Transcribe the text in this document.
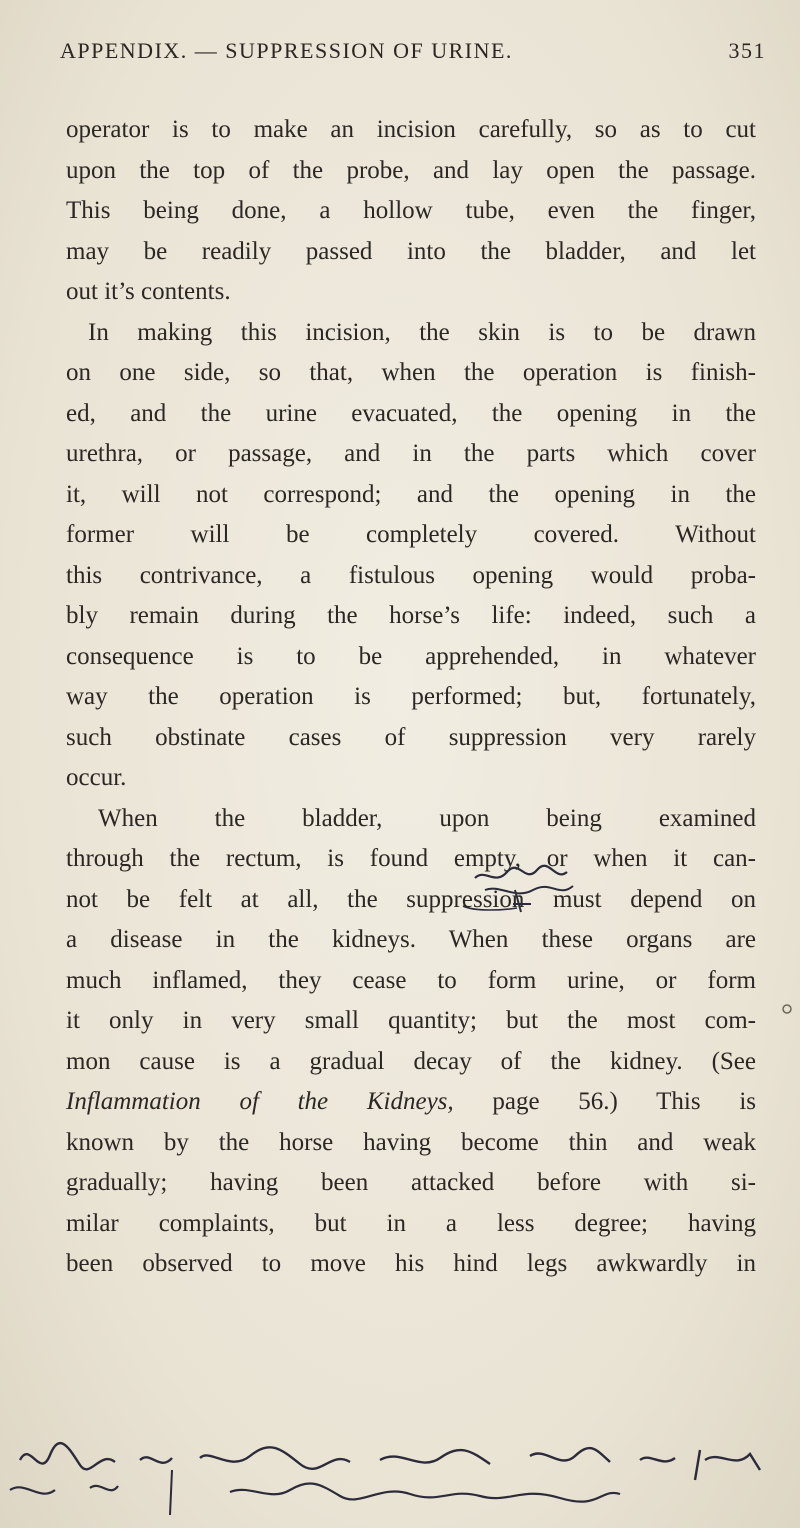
APPENDIX. — SUPPRESSION OF URINE.	351
operator is to make an incision carefully, so as to cut
upon the top of the probe, and lay open the passage.
This being done, a hollow tube, even the finger,
may be readily passed into the bladder, and let
out it’s contents.
In making this incision, the skin is to be drawn
on one side, so that, when the operation is finish-
ed, and the urine evacuated, the opening in the
urethra, or passage, and in the parts which cover
it, will not correspond; and the opening in the
former will be completely covered. Without
this contrivance, a fistulous opening would proba-
bly remain during the horse’s life: indeed, such a
consequence is to be apprehended, in whatever
way the operation is performed; but, fortunately,
such obstinate cases of suppression very rarely
occur.
When the bladder, upon being examined
through the rectum, is found empty, or when it can-
not be felt at all, the suppression must depend on
a disease in the kidneys. When these organs are
much inflamed, they cease to form urine, or form
it only in very small quantity; but the most com-
mon cause is a gradual decay of the kidney. (See
Inflammation of the Kidneys, page 56.) This is
known by the horse having become thin and weak
gradually; having been attacked before with si-
milar complaints, but in a less degree; having
been observed to move his hind legs awkwardly in
